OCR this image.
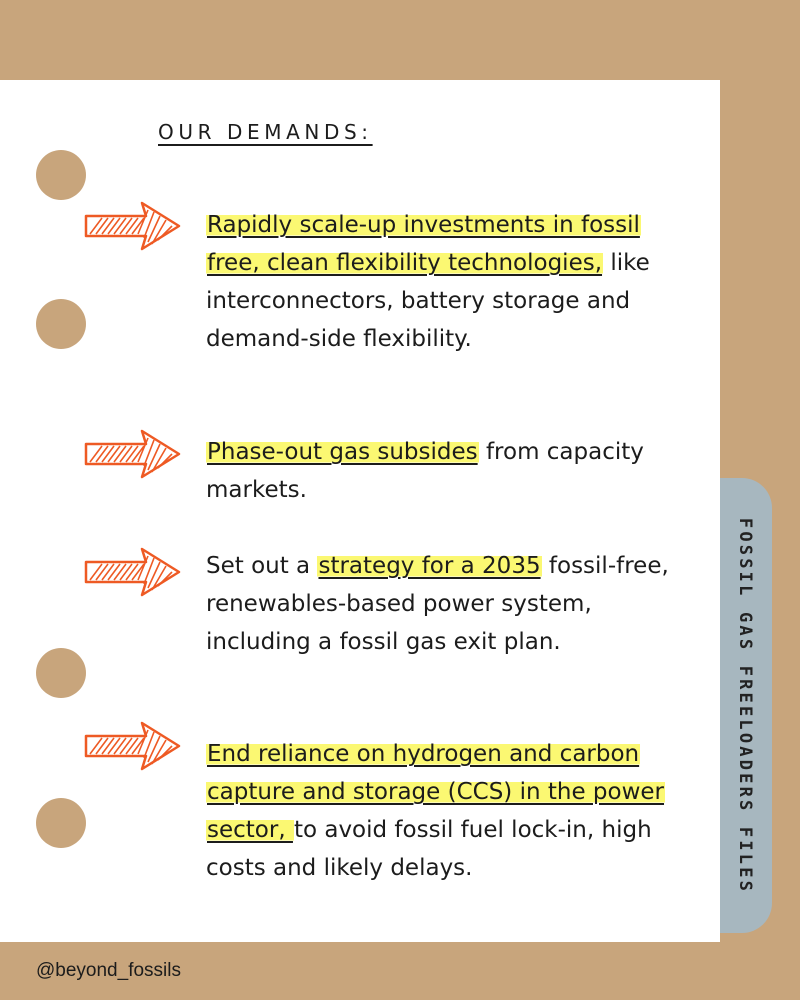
FOSSIL GAS FREELOADERS FILES
OUR DEMANDS:
Rapidly scale-up investments in fossil free, clean flexibility technologies, like interconnectors, battery storage and demand-side flexibility.
Phase-out gas subsides from capacity markets.
Set out a strategy for a 2035 fossil-free, renewables-based power system, including a fossil gas exit plan.
End reliance on hydrogen and carbon capture and storage (CCS) in the power sector, to avoid fossil fuel lock-in, high costs and likely delays.
@beyond_fossils
